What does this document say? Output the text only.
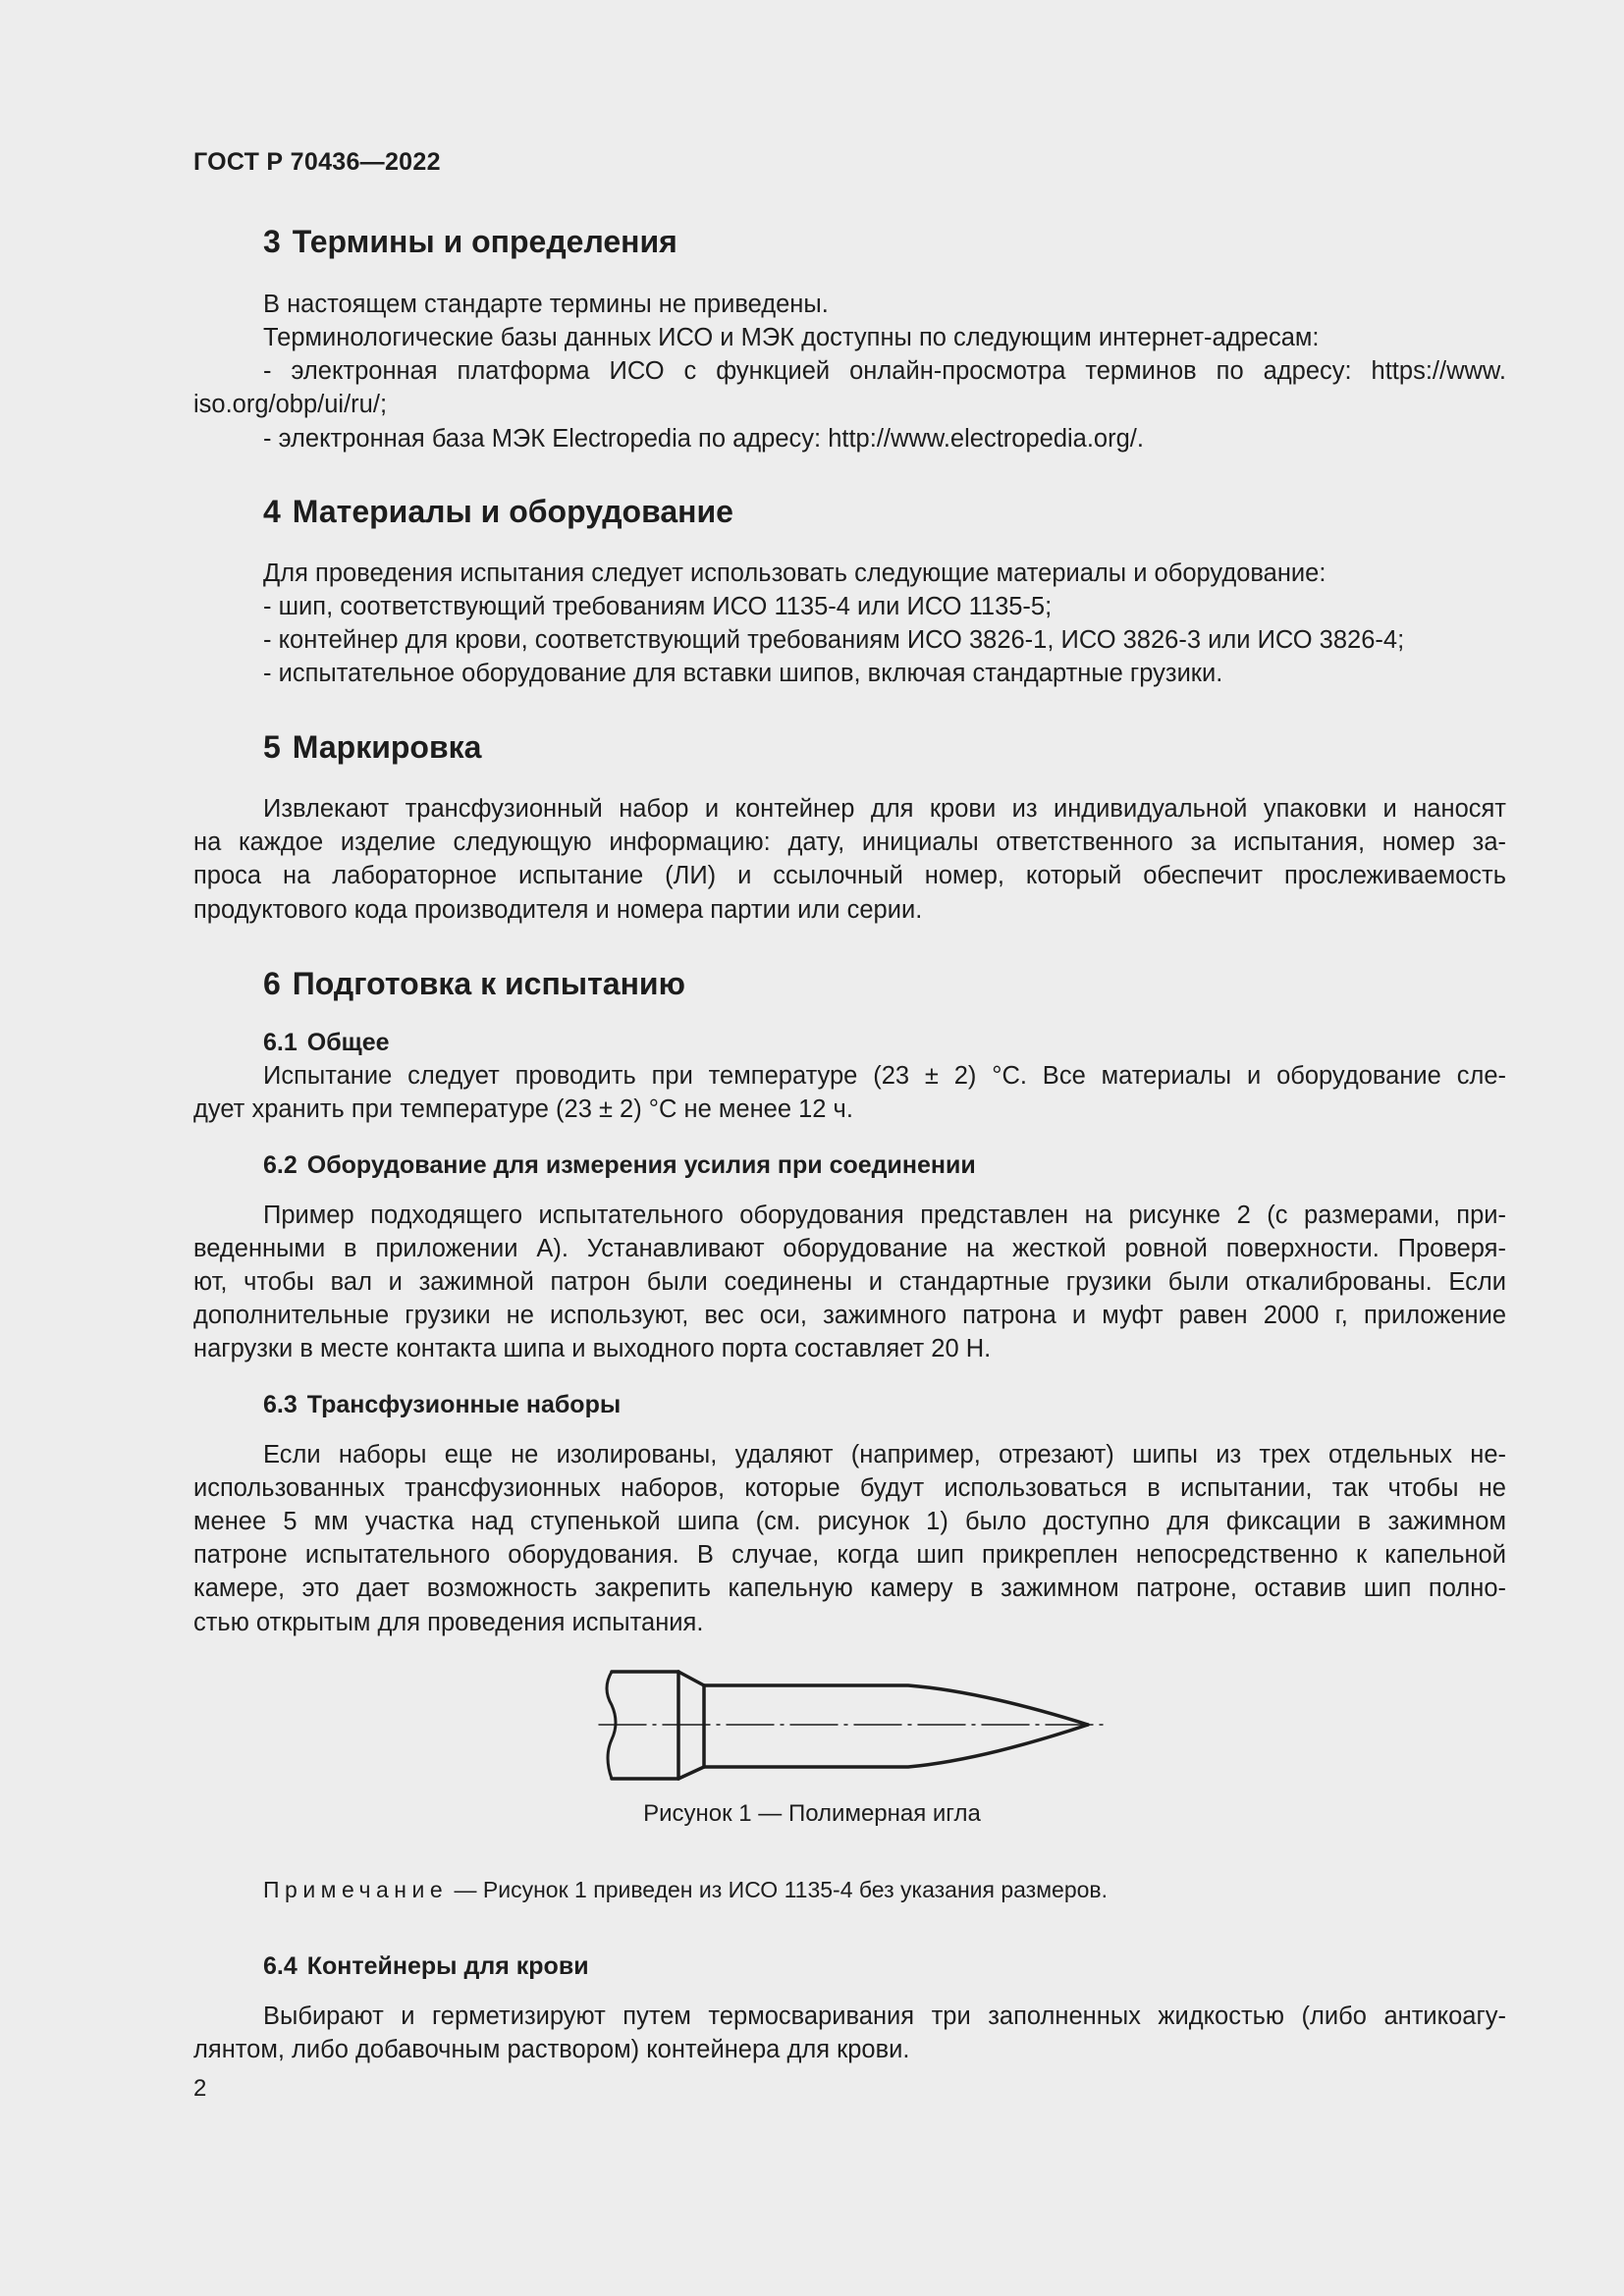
ГОСТ Р 70436—2022

3 Термины и определения

В настоящем стандарте термины не приведены.

Терминологические базы данных ИСО и МЭК доступны по следующим интернет-адресам:

- электронная платформа ИСО с функцией онлайн-просмотра терминов по адресу: https://www.

iso.org/obp/ui/ru/;

- электронная база МЭК Electropedia по адресу: http://www.electropedia.org/.

4 Материалы и оборудование

Для проведения испытания следует использовать следующие материалы и оборудование:

- шип, соответствующий требованиям ИСО 1135-4 или ИСО 1135-5;

- контейнер для крови, соответствующий требованиям ИСО 3826-1, ИСО 3826-3 или ИСО 3826-4;

- испытательное оборудование для вставки шипов, включая стандартные грузики.

5 Маркировка

Извлекают трансфузионный набор и контейнер для крови из индивидуальной упаковки и наносят

на каждое изделие следующую информацию: дату, инициалы ответственного за испытания, номер за-

проса на лабораторное испытание (ЛИ) и ссылочный номер, который обеспечит прослеживаемость

продуктового кода производителя и номера партии или серии.

6 Подготовка к испытанию
6.1 Общее

Испытание следует проводить при температуре (23 ± 2) °С. Все материалы и оборудование сле-

дует хранить при температуре (23 ± 2) °С не менее 12 ч.

6.2 Оборудование для измерения усилия при соединении

Пример подходящего испытательного оборудования представлен на рисунке 2 (с размерами, при-

веденными в приложении А). Устанавливают оборудование на жесткой ровной поверхности. Проверя-

ют, чтобы вал и зажимной патрон были соединены и стандартные грузики были откалиброваны. Если

дополнительные грузики не используют, вес оси, зажимного патрона и муфт равен 2000 г, приложение

нагрузки в месте контакта шипа и выходного порта составляет 20 Н.

6.3 Трансфузионные наборы

Если наборы еще не изолированы, удаляют (например, отрезают) шипы из трех отдельных не-

использованных трансфузионных наборов, которые будут использоваться в испытании, так чтобы не

менее 5 мм участка над ступенькой шипа (см. рисунок 1) было доступно для фиксации в зажимном

патроне испытательного оборудования. В случае, когда шип прикреплен непосредственно к капельной

камере, это дает возможность закрепить капельную камеру в зажимном патроне, оставив шип полно-

стью открытым для проведения испытания.

Рисунок 1 — Полимерная игла

Примечание — Рисунок 1 приведен из ИСО 1135-4 без указания размеров.

6.4 Контейнеры для крови

Выбирают и герметизируют путем термосваривания три заполненных жидкостью (либо антикоагу-

лянтом, либо добавочным раствором) контейнера для крови.

2
